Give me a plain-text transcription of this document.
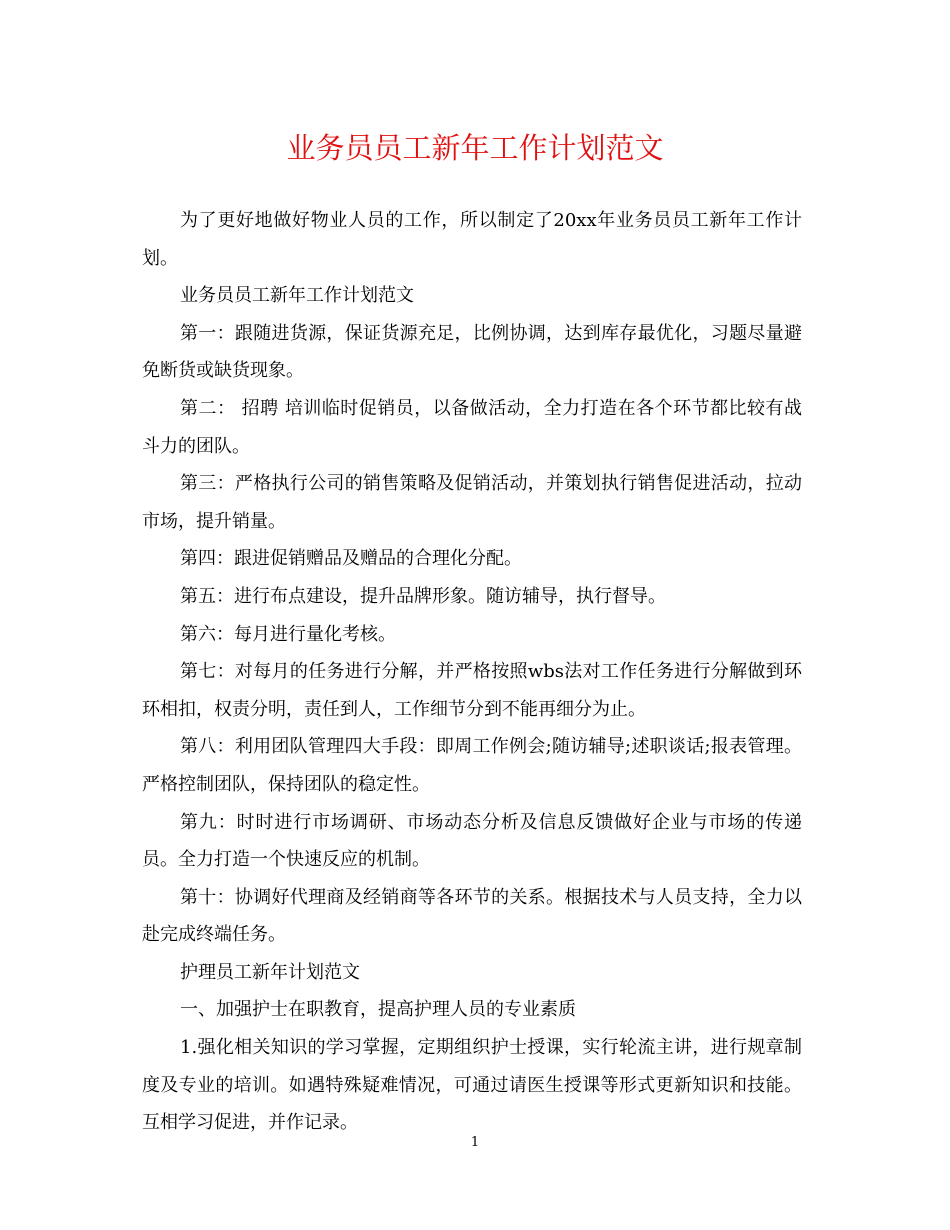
业务员员工新年工作计划范文

为了更好地做好物业人员的工作，所以制定了20xx年业务员员工新年工作计划。

业务员员工新年工作计划范文

第一：跟随进货源，保证货源充足，比例协调，达到库存最优化，习题尽量避免断货或缺货现象。

第二： 招聘 培训临时促销员，以备做活动，全力打造在各个环节都比较有战斗力的团队。

第三：严格执行公司的销售策略及促销活动，并策划执行销售促进活动，拉动市场，提升销量。

第四：跟进促销赠品及赠品的合理化分配。

第五：进行布点建设，提升品牌形象。随访辅导，执行督导。

第六：每月进行量化考核。

第七：对每月的任务进行分解，并严格按照wbs法对工作任务进行分解做到环环相扣，权责分明，责任到人，工作细节分到不能再细分为止。

第八：利用团队管理四大手段：即周工作例会;随访辅导;述职谈话;报表管理。严格控制团队，保持团队的稳定性。

第九：时时进行市场调研、市场动态分析及信息反馈做好企业与市场的传递员。全力打造一个快速反应的机制。

第十：协调好代理商及经销商等各环节的关系。根据技术与人员支持，全力以赴完成终端任务。

护理员工新年计划范文

一、加强护士在职教育，提高护理人员的专业素质

1.强化相关知识的学习掌握，定期组织护士授课，实行轮流主讲，进行规章制度及专业的培训。如遇特殊疑难情况，可通过请医生授课等形式更新知识和技能。互相学习促进，并作记录。

1
